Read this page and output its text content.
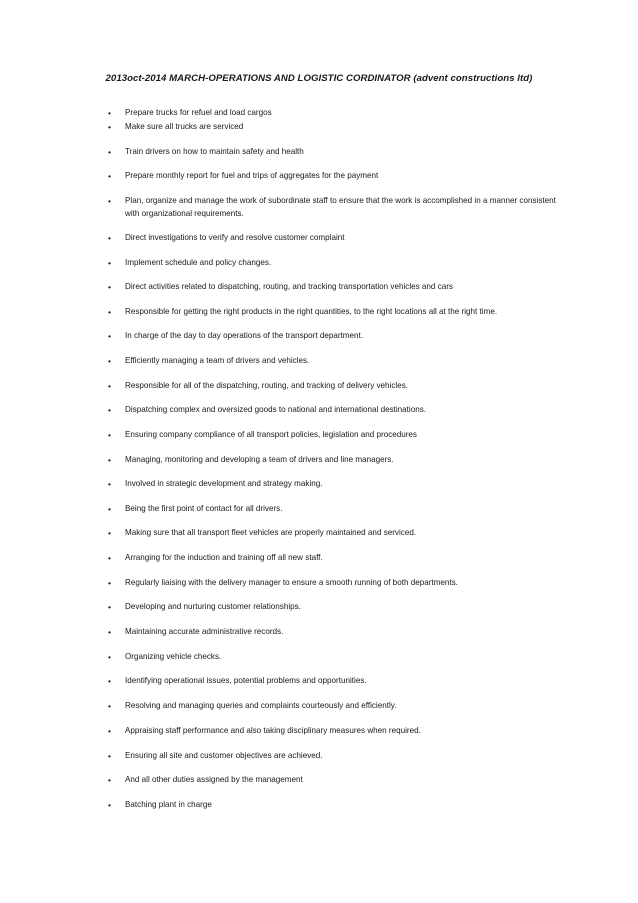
2013oct-2014 MARCH-OPERATIONS AND LOGISTIC CORDINATOR (advent constructions ltd)
• Prepare trucks for refuel and load cargos
• Make sure all trucks are serviced
• Train drivers on how to maintain safety and health
• Prepare monthly report for fuel and trips of aggregates for the payment
• Plan, organize and manage the work of subordinate staff to ensure that the work is accomplished in a manner consistent with organizational requirements.
• Direct investigations to verify and resolve customer complaint
• Implement schedule and policy changes.
• Direct activities related to dispatching, routing, and tracking transportation vehicles and cars
• Responsible for getting the right products in the right quantities, to the right locations all at the right time.
• In charge of the day to day operations of the transport department.
• Efficiently managing a team of drivers and vehicles.
• Responsible for all of the dispatching, routing, and tracking of delivery vehicles.
• Dispatching complex and oversized goods to national and international destinations.
• Ensuring company compliance of all transport policies, legislation and procedures
• Managing, monitoring and developing a team of drivers and line managers.
• Involved in strategic development and strategy making.
• Being the first point of contact for all drivers.
• Making sure that all transport fleet vehicles are properly maintained and serviced.
• Arranging for the induction and training off all new staff.
• Regularly liaising with the delivery manager to ensure a smooth running of both departments.
• Developing and nurturing customer relationships.
• Maintaining accurate administrative records.
• Organizing vehicle checks.
• Identifying operational issues, potential problems and opportunities.
• Resolving and managing queries and complaints courteously and efficiently.
• Appraising staff performance and also taking disciplinary measures when required.
• Ensuring all site and customer objectives are achieved.
• And all other duties assigned by the management
• Batching plant in charge
